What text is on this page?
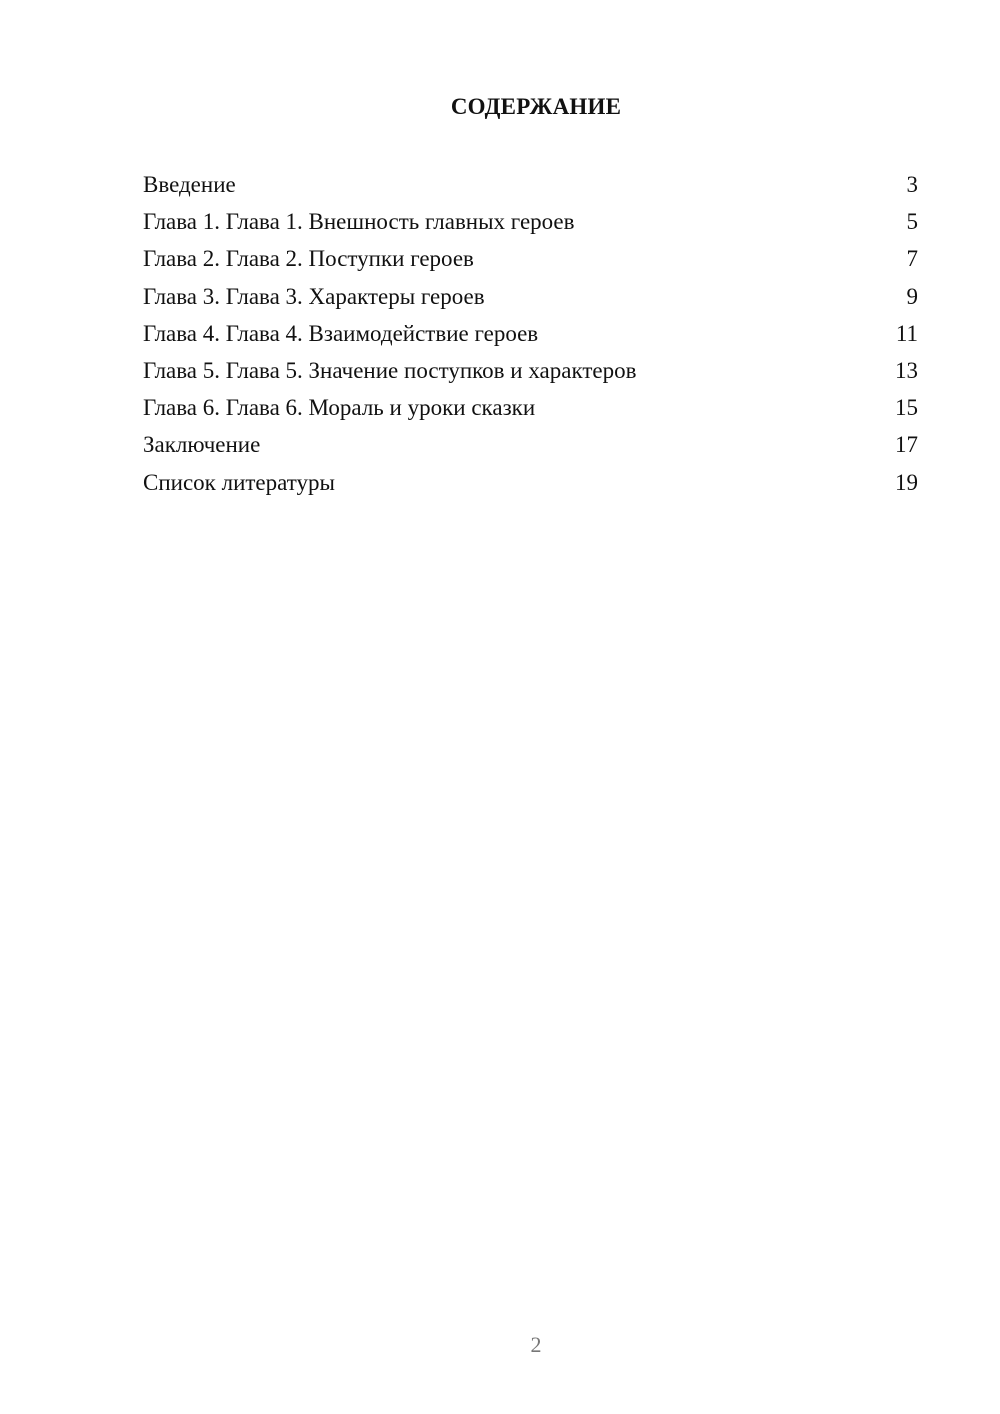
СОДЕРЖАНИЕ
Введение	3
Глава 1. Глава 1. Внешность главных героев	5
Глава 2. Глава 2. Поступки героев	7
Глава 3. Глава 3. Характеры героев	9
Глава 4. Глава 4. Взаимодействие героев	11
Глава 5. Глава 5. Значение поступков и характеров	13
Глава 6. Глава 6. Мораль и уроки сказки	15
Заключение	17
Список литературы	19
2
